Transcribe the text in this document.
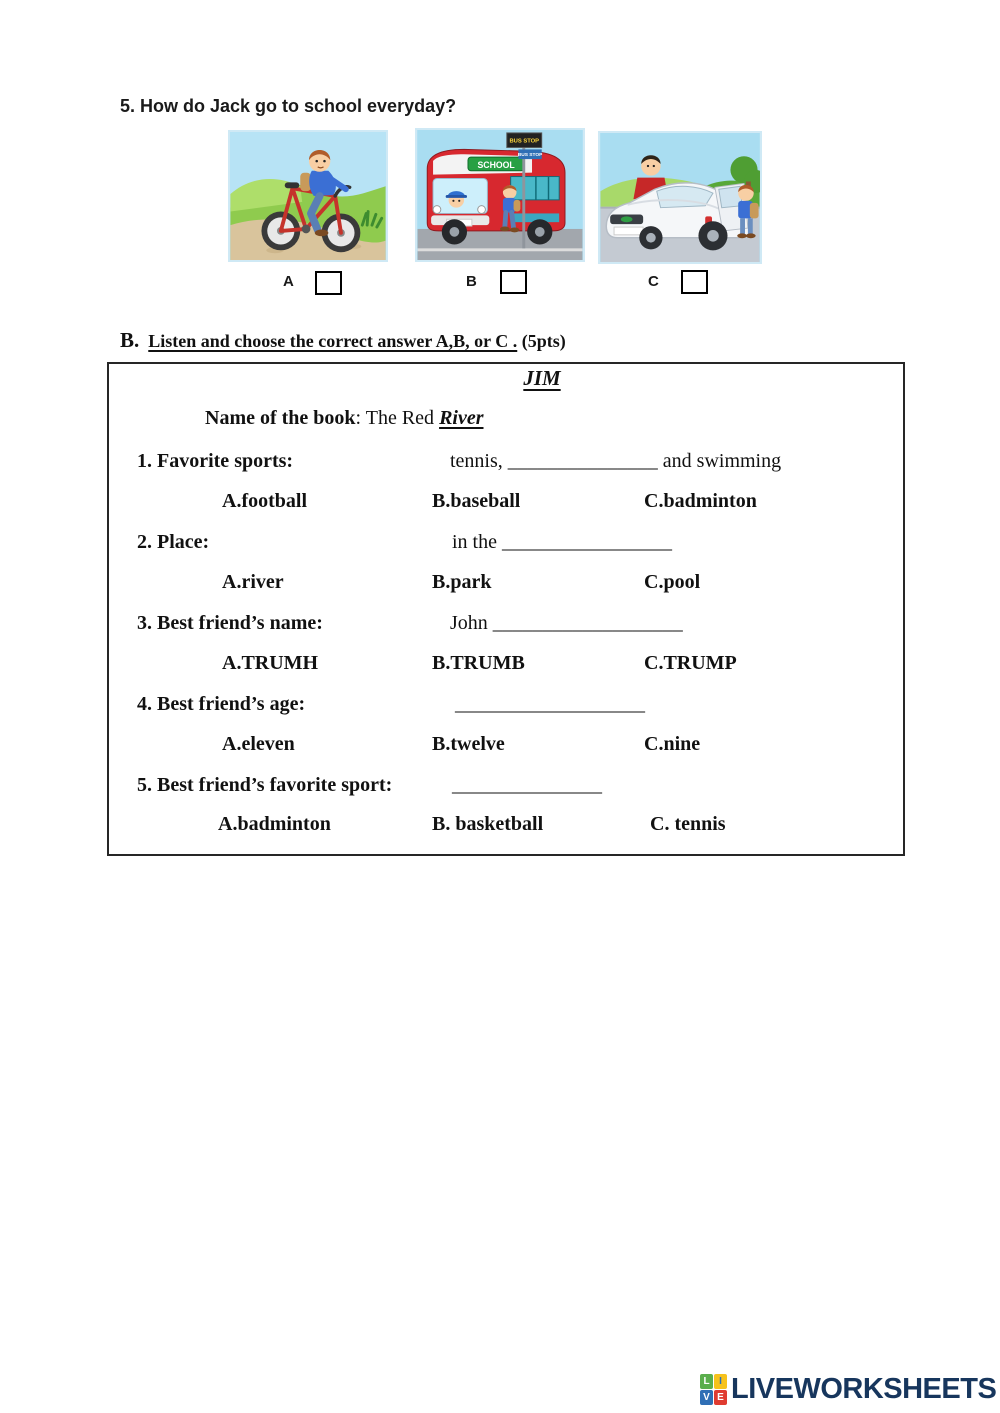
5. How do Jack go to school everyday?
SCHOOL
BUS STOP
BUS STOP
A	B	C
B. Listen and choose the correct answer A,B, or C . (5pts)
JIM
Name of the book: The Red River
1. Favorite sports:	tennis, _______________ and swimming
A.football	B.baseball	C.badminton
2. Place:	in the _________________
A.river	B.park	C.pool
3. Best friend’s name:	John ___________________
A.TRUMH	B.TRUMB	C.TRUMP
4. Best friend’s age:	___________________
A.eleven	B.twelve	C.nine
5. Best friend’s favorite sport:	_______________
A.badminton	B. basketball	C. tennis
L I
V E LIVEWORKSHEETS
